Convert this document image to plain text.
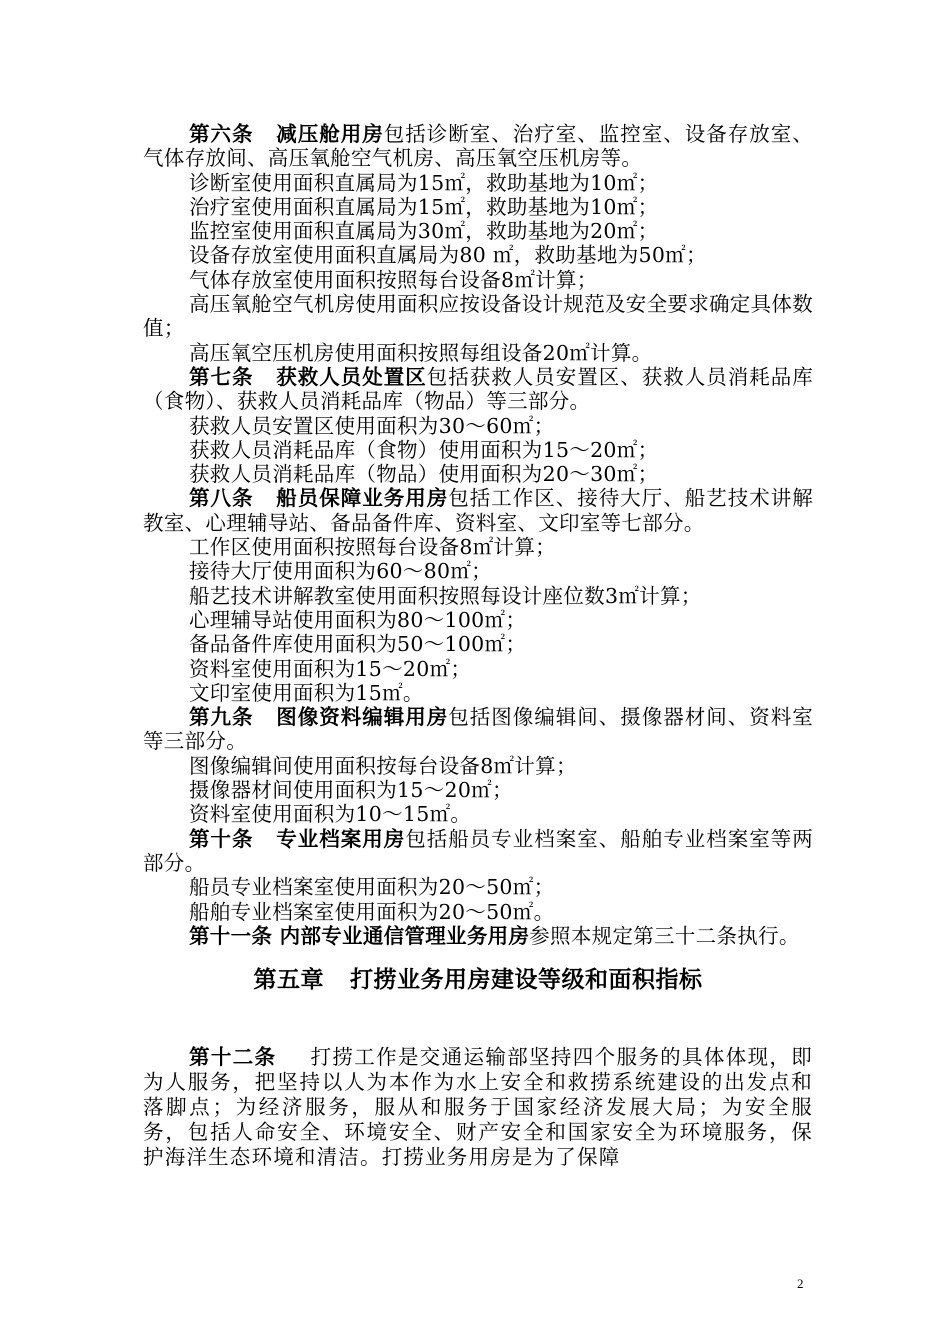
第六条 减压舱用房包括诊断室、治疗室、监控室、设备存放室、气体存放间、高压氧舱空气机房、高压氧空压机房等。

诊断室使用面积直属局为15㎡，救助基地为10㎡；

治疗室使用面积直属局为15㎡，救助基地为10㎡；

监控室使用面积直属局为30㎡，救助基地为20㎡；

设备存放室使用面积直属局为80 ㎡，救助基地为50㎡；

气体存放室使用面积按照每台设备8㎡计算；

高压氧舱空气机房使用面积应按设备设计规范及安全要求确定具体数值；

高压氧空压机房使用面积按照每组设备20㎡计算。

第七条 获救人员处置区包括获救人员安置区、获救人员消耗品库（食物）、获救人员消耗品库（物品）等三部分。

获救人员安置区使用面积为30～60㎡；

获救人员消耗品库（食物）使用面积为15～20㎡；

获救人员消耗品库（物品）使用面积为20～30㎡；

第八条 船员保障业务用房包括工作区、接待大厅、船艺技术讲解教室、心理辅导站、备品备件库、资料室、文印室等七部分。

工作区使用面积按照每台设备8㎡计算；

接待大厅使用面积为60～80㎡；

船艺技术讲解教室使用面积按照每设计座位数3㎡计算；

心理辅导站使用面积为80～100㎡；

备品备件库使用面积为50～100㎡；

资料室使用面积为15～20㎡；

文印室使用面积为15㎡。

第九条 图像资料编辑用房包括图像编辑间、摄像器材间、资料室等三部分。

图像编辑间使用面积按每台设备8㎡计算；

摄像器材间使用面积为15～20㎡；

资料室使用面积为10～15㎡。

第十条 专业档案用房包括船员专业档案室、船舶专业档案室等两部分。

船员专业档案室使用面积为20～50㎡；

船舶专业档案室使用面积为20～50㎡。

第十一条 内部专业通信管理业务用房参照本规定第三十二条执行。

第五章 打捞业务用房建设等级和面积指标

第十二条 打捞工作是交通运输部坚持四个服务的具体体现，即为人服务，把坚持以人为本作为水上安全和救捞系统建设的出发点和落脚点；为经济服务，服从和服务于国家经济发展大局；为安全服务，包括人命安全、环境安全、财产安全和国家安全为环境服务，保护海洋生态环境和清洁。打捞业务用房是为了保障

2
